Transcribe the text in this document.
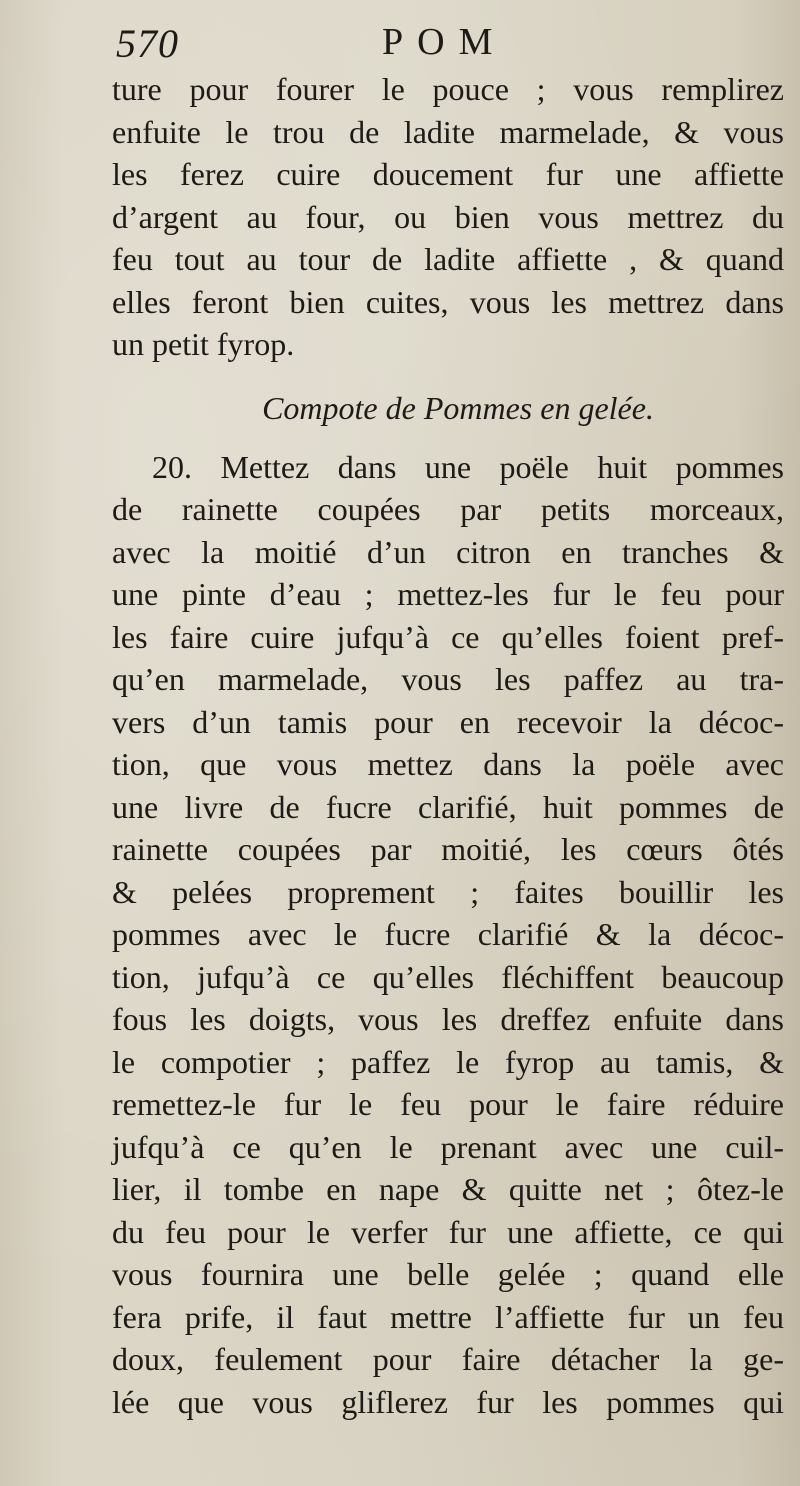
570	POM
ture pour fourer le pouce ; vous remplirez
enfuite le trou de ladite marmelade, & vous
les ferez cuire doucement fur une affiette
d’argent au four, ou bien vous mettrez du
feu tout au tour de ladite affiette , & quand
elles feront bien cuites, vous les mettrez dans
un petit fyrop.
Compote de Pommes en gelée.
20. Mettez dans une poële huit pommes
de rainette coupées par petits morceaux,
avec la moitié d’un citron en tranches &
une pinte d’eau ; mettez-les fur le feu pour
les faire cuire jufqu’à ce qu’elles foient pref-
qu’en marmelade, vous les paffez au tra-
vers d’un tamis pour en recevoir la décoc-
tion, que vous mettez dans la poële avec
une livre de fucre clarifié, huit pommes de
rainette coupées par moitié, les cœurs ôtés
& pelées proprement ; faites bouillir les
pommes avec le fucre clarifié & la décoc-
tion, jufqu’à ce qu’elles fléchiffent beaucoup
fous les doigts, vous les dreffez enfuite dans
le compotier ; paffez le fyrop au tamis, &
remettez-le fur le feu pour le faire réduire
jufqu’à ce qu’en le prenant avec une cuil-
lier, il tombe en nape & quitte net ; ôtez-le
du feu pour le verfer fur une affiette, ce qui
vous fournira une belle gelée ; quand elle
fera prife, il faut mettre l’affiette fur un feu
doux, feulement pour faire détacher la ge-
lée que vous gliflerez fur les pommes qui
